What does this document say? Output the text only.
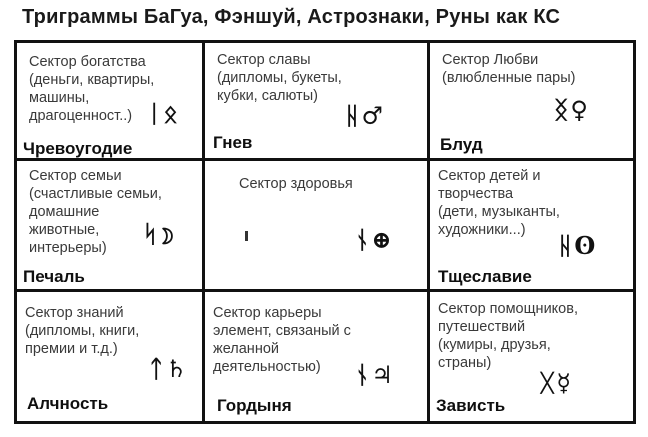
Триграммы БаГуа, Фэншуй, Астрознаки, Руны как КС
Сектор богатства
(деньги, квартиры,
машины,
драгоценност..) ᛁᛟ
Чревоугодие
Сектор славы
(дипломы, букеты,
кубки, салюты)
ᚺ♂
Гнев
Сектор Любви
(влюбленные пары)
ᛝ♀
Блуд
Сектор семьи
(счастливые семьи,
домашние
животные,
интерьеры)	ᛋ☽
Печаль
Сектор здоровья
ᚾ⊕
Сектор детей и
творчества
(дети, музыканты,
художники...)
ᚺʘ
Тщеславие
Сектор знаний
(дипломы, книги,
премии и т.д.)
ᛏ♄
Алчность
Сектор карьеры
элемент, связаный с
желанной
деятельностью)	ᚾ♃
Гордыня
Сектор помощников,
путешествий
(кумиры, друзья,
страны)
ᚷ☿
Зависть
